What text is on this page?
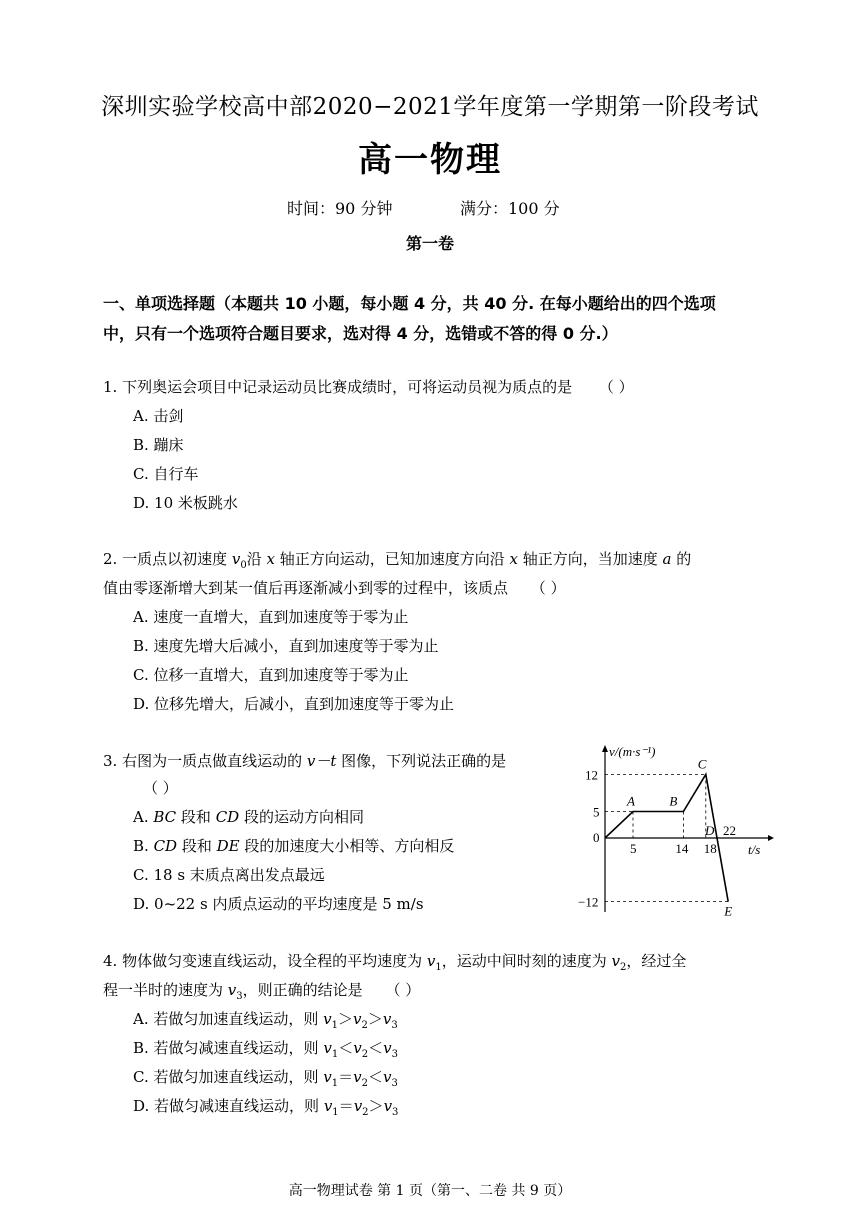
深圳实验学校高中部2020−2021学年度第一学期第一阶段考试
高一物理
时间：90 分钟	满分：100 分
第一卷
一、单项选择题（本题共 10 小题，每小题 4 分，共 40 分. 在每小题给出的四个选项
中，只有一个选项符合题目要求，选对得 4 分，选错或不答的得 0 分.）
1. 下列奥运会项目中记录运动员比赛成绩时，可将运动员视为质点的是 （ ）
A. 击剑
B. 蹦床
C. 自行车
D. 10 米板跳水
2. 一质点以初速度 $v_0$沿 x 轴正方向运动，已知加速度方向沿 x 轴正方向，当加速度 a 的
值由零逐渐增大到某一值后再逐渐减小到零的过程中，该质点 （ ）
A. 速度一直增大，直到加速度等于零为止
B. 速度先增大后减小，直到加速度等于零为止
C. 位移一直增大，直到加速度等于零为止
D. 位移先增大，后减小，直到加速度等于零为止
3. 右图为一质点做直线运动的 v－t 图像，下列说法正确的是
（ ）
A. BC 段和 CD 段的运动方向相同
B. CD 段和 DE 段的加速度大小相等、方向相反
C. 18 s 末质点离出发点最远
D. 0~22 s 内质点运动的平均速度是 5 m/s
v/(m·s⁻¹)
t/s
A	B
C
E
D
5	14 18
22
12
5
0
−12
4. 物体做匀变速直线运动，设全程的平均速度为 $v_1$，运动中间时刻的速度为 $v_2$，经过全
程一半时的速度为 $v_3$，则正确的结论是 （ ）
A. 若做匀加速直线运动，则 $v_1>v_2>v_3$
B. 若做匀减速直线运动，则 $v_1<v_2<v_3$
C. 若做匀加速直线运动，则 $v_1=v_2<v_3$
D. 若做匀减速直线运动，则 $v_1=v_2>v_3$
高一物理试卷 第 1 页（第一、二卷 共 9 页）
